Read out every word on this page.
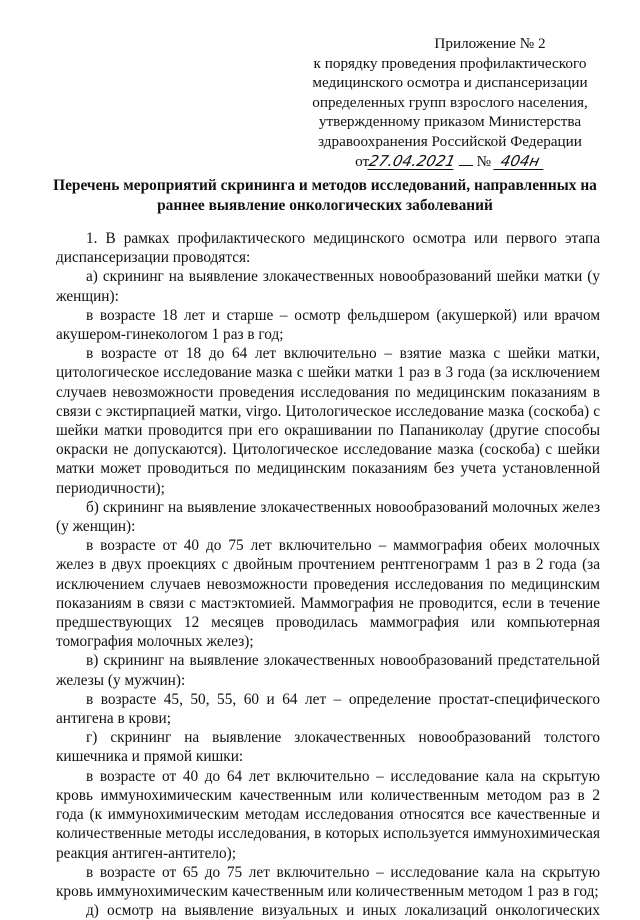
Приложение № 2
к порядку проведения профилактического
медицинского осмотра и диспансеризации
определенных групп взрослого населения,
утвержденному приказом Министерства
здравоохранения Российской Федерации
от27.04.2021 № 404н
Перечень мероприятий скрининга и методов исследований, направленных на раннее выявление онкологических заболеваний

1. В рамках профилактического медицинского осмотра или первого этапа диспансеризации проводятся:

а) скрининг на выявление злокачественных новообразований шейки матки (у женщин):

в возрасте 18 лет и старше – осмотр фельдшером (акушеркой) или врачом акушером-гинекологом 1 раз в год;

в возрасте от 18 до 64 лет включительно – взятие мазка с шейки матки, цитологическое исследование мазка с шейки матки 1 раз в 3 года (за исключением случаев невозможности проведения исследования по медицинским показаниям в связи с экстирпацией матки, virgo. Цитологическое исследование мазка (соскоба) с шейки матки проводится при его окрашивании по Папаниколау (другие способы окраски не допускаются). Цитологическое исследование мазка (соскоба) с шейки матки может проводиться по медицинским показаниям без учета установленной периодичности);

б) скрининг на выявление злокачественных новообразований молочных желез (у женщин):

в возрасте от 40 до 75 лет включительно – маммография обеих молочных желез в двух проекциях с двойным прочтением рентгенограмм 1 раз в 2 года (за исключением случаев невозможности проведения исследования по медицинским показаниям в связи с мастэктомией. Маммография не проводится, если в течение предшествующих 12 месяцев проводилась маммография или компьютерная томография молочных желез);

в) скрининг на выявление злокачественных новообразований предстательной железы (у мужчин):

в возрасте 45, 50, 55, 60 и 64 лет – определение простат-специфического антигена в крови;

г) скрининг на выявление злокачественных новообразований толстого кишечника и прямой кишки:

в возрасте от 40 до 64 лет включительно – исследование кала на скрытую кровь иммунохимическим качественным или количественным методом раз в 2 года (к иммунохимическим методам исследования относятся все качественные и количественные методы исследования, в которых используется иммунохимическая реакция антиген-антитело);

в возрасте от 65 до 75 лет включительно – исследование кала на скрытую кровь иммунохимическим качественным или количественным методом 1 раз в год;

д) осмотр на выявление визуальных и иных локализаций онкологических
